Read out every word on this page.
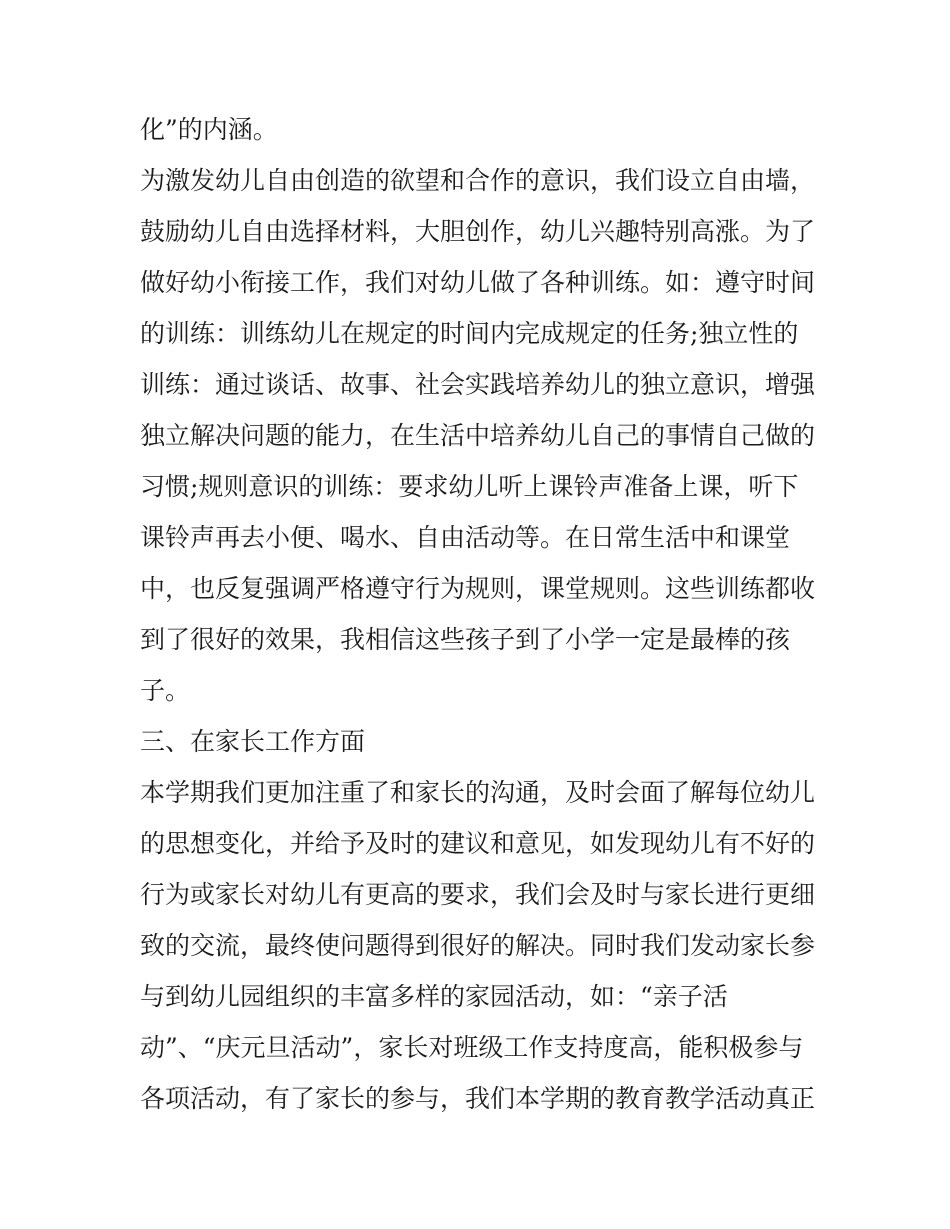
化”的内涵。
为激发幼儿自由创造的欲望和合作的意识，我们设立自由墙，
鼓励幼儿自由选择材料，大胆创作，幼儿兴趣特别高涨。为了
做好幼小衔接工作，我们对幼儿做了各种训练。如：遵守时间
的训练：训练幼儿在规定的时间内完成规定的任务;独立性的
训练：通过谈话、故事、社会实践培养幼儿的独立意识，增强
独立解决问题的能力，在生活中培养幼儿自己的事情自己做的
习惯;规则意识的训练：要求幼儿听上课铃声准备上课，听下
课铃声再去小便、喝水、自由活动等。在日常生活中和课堂
中，也反复强调严格遵守行为规则，课堂规则。这些训练都收
到了很好的效果，我相信这些孩子到了小学一定是最棒的孩
子。
三、在家长工作方面
本学期我们更加注重了和家长的沟通，及时会面了解每位幼儿
的思想变化，并给予及时的建议和意见，如发现幼儿有不好的
行为或家长对幼儿有更高的要求，我们会及时与家长进行更细
致的交流，最终使问题得到很好的解决。同时我们发动家长参
与到幼儿园组织的丰富多样的家园活动，如：“亲子活
动”、“庆元旦活动”，家长对班级工作支持度高，能积极参与
各项活动，有了家长的参与，我们本学期的教育教学活动真正
